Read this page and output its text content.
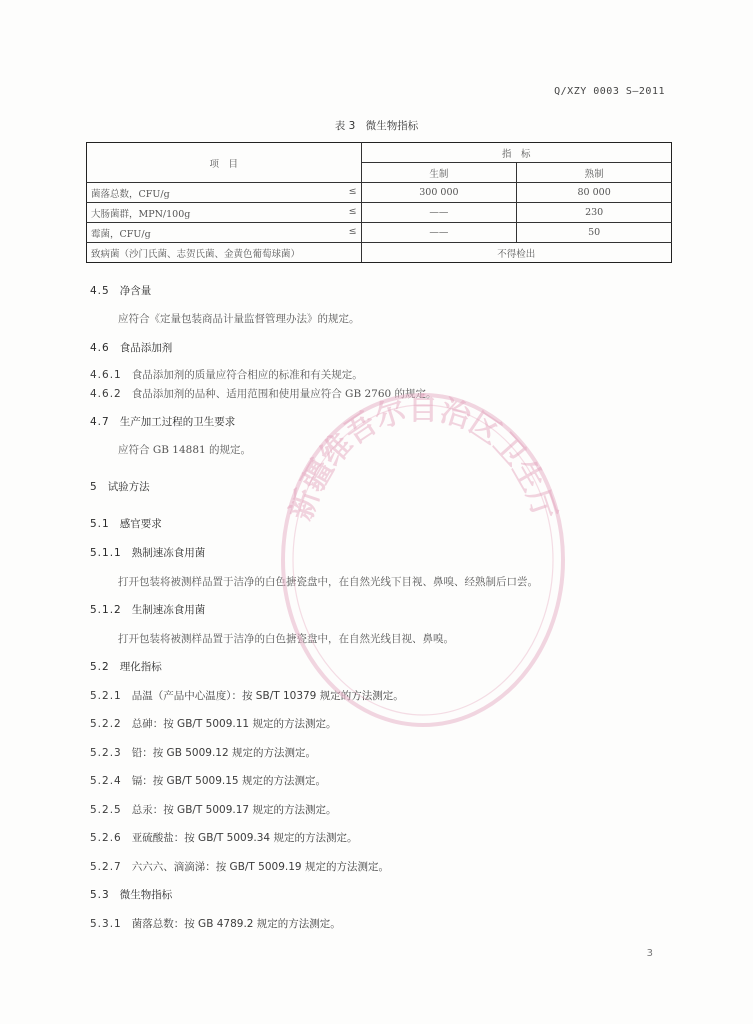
Q/XZY 0003 S—2011
表 3　微生物指标
项　目	指　标	
	生制	熟制

菌落总数，CFU/g ≤	300 000	80 000

大肠菌群，MPN/100g ≤	——	230

霉菌，CFU/g ≤	——	50
致病菌（沙门氏菌、志贺氏菌、金黄色葡萄球菌）	不得检出	
4.5 净含量
应符合《定量包装商品计量监督管理办法》的规定。
4.6 食品添加剂
4.6.1 食品添加剂的质量应符合相应的标准和有关规定。
4.6.2 食品添加剂的品种、适用范围和使用量应符合 GB 2760 的规定。
4.7 生产加工过程的卫生要求
应符合 GB 14881 的规定。
5 试验方法
5.1 感官要求
5.1.1 熟制速冻食用菌
打开包装将被测样品置于洁净的白色搪瓷盘中，在自然光线下目视、鼻嗅、经熟制后口尝。
5.1.2 生制速冻食用菌
打开包装将被测样品置于洁净的白色搪瓷盘中，在自然光线目视、鼻嗅。
5.2 理化指标
5.2.1 品温（产品中心温度）：按 SB/T 10379 规定的方法测定。
5.2.2 总砷：按 GB/T 5009.11 规定的方法测定。
5.2.3 铅：按 GB 5009.12 规定的方法测定。
5.2.4 镉：按 GB/T 5009.15 规定的方法测定。
5.2.5 总汞：按 GB/T 5009.17 规定的方法测定。
5.2.6 亚硫酸盐：按 GB/T 5009.34 规定的方法测定。
5.2.7 六六六、滴滴涕：按 GB/T 5009.19 规定的方法测定。
5.3 微生物指标
5.3.1 菌落总数：按 GB 4789.2 规定的方法测定。
3
新疆维吾尔自治区卫生厅
